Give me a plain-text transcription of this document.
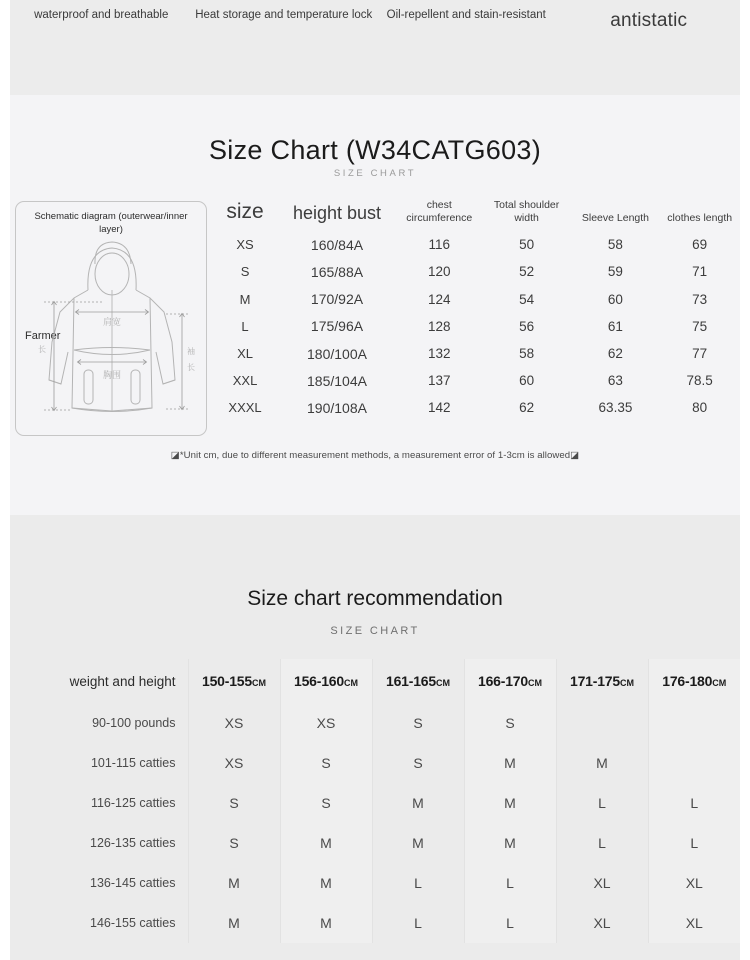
waterproof and breathable	Heat storage and temperature lock	Oil-repellent and stain-resistant	antistatic
Size Chart (W34CATG603)
SIZE CHART
Schematic diagram (outerwear/inner layer)
Farmer
肩宽
胸围
袖
长
长
size	height bust	chest circumference	Total shoulder width	Sleeve Length	clothes length
XS	160/84A	116	50	58	69
S	165/88A	120	52	59	71
M	170/92A	124	54	60	73
L	175/96A	128	56	61	75
XL	180/100A	132	58	62	77
XXL	185/104A	137	60	63	78.5
XXXL	190/108A	142	62	63.35	80
◪*Unit cm, due to different measurement methods, a measurement error of 1-3cm is allowed◪
Size chart recommendation
SIZE CHART
weight and height	150-155CM	156-160CM	161-165CM	166-170CM	171-175CM	176-180CM
90-100 pounds	XS	XS	S	S		
101-115 catties	XS	S	S	M	M	
116-125 catties	S	S	M	M	L	L
126-135 catties	S	M	M	M	L	L
136-145 catties	M	M	L	L	XL	XL
146-155 catties	M	M	L	L	XL	XL
